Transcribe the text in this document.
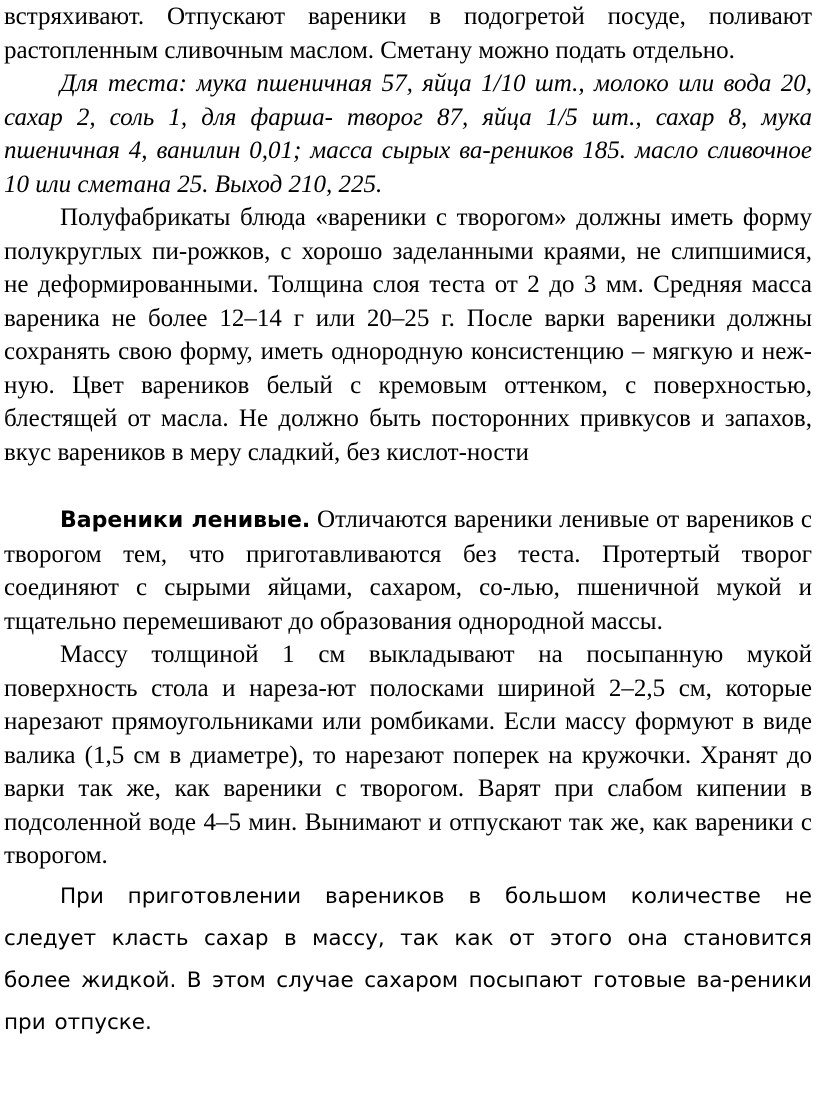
встряхивают. Отпускают вареники в подогретой посуде, поливают растопленным сливочным маслом. Сметану можно подать отдельно.

Для теста: мука пшеничная 57, яйца 1/10 шт., молоко или вода 20, сахар 2, соль 1, для фарша- творог 87, яйца 1/5 шт., сахар 8, мука пшеничная 4, ванилин 0,01; масса сырых ва-реников 185. масло сливочное 10 или сметана 25. Выход 210, 225.

Полуфабрикаты блюда «вареники с творогом» должны иметь форму полукруглых пи-рожков, с хорошо заделанными краями, не слипшимися, не деформированными. Толщина слоя теста от 2 до 3 мм. Средняя масса вареника не более 12–14 г или 20–25 г. После варки вареники должны сохранять свою форму, иметь однородную консистенцию – мягкую и неж-ную. Цвет вареников белый с кремовым оттенком, с поверхностью, блестящей от масла. Не должно быть посторонних привкусов и запахов, вкус вареников в меру сладкий, без кислот-ности

Вареники ленивые. Отличаются вареники ленивые от вареников с творогом тем, что приготавливаются без теста. Протертый творог соединяют с сырыми яйцами, сахаром, со-лью, пшеничной мукой и тщательно перемешивают до образования однородной массы.

Массу толщиной 1 см выкладывают на посыпанную мукой поверхность стола и нареза-ют полосками шириной 2–2,5 см, которые нарезают прямоугольниками или ромбиками. Если массу формуют в виде валика (1,5 см в диаметре), то нарезают поперек на кружочки. Хранят до варки так же, как вареники с творогом. Варят при слабом кипении в подсоленной воде 4–5 мин. Вынимают и отпускают так же, как вареники с творогом.

При приготовлении вареников в большом количестве не следует класть сахар в массу, так как от этого она становится более жидкой. В этом случае сахаром посыпают готовые ва-реники при отпуске.
